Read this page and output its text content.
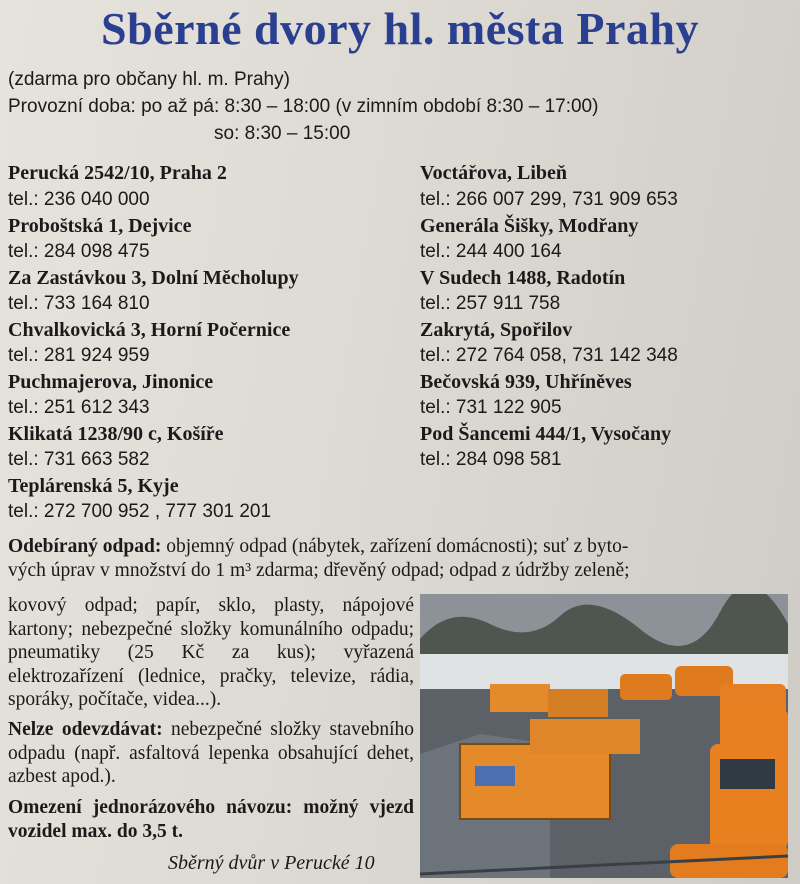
Sběrné dvory hl. města Prahy
(zdarma pro občany hl. m. Prahy)
Provozní doba: po až pá: 8:30 – 18:00 (v zimním období 8:30 – 17:00)
so: 8:30 – 15:00
Perucká 2542/10, Praha 2
tel.: 236 040 000
Proboštská 1, Dejvice
tel.: 284 098 475
Za Zastávkou 3, Dolní Měcholupy
tel.: 733 164 810
Chvalkovická 3, Horní Počernice
tel.: 281 924 959
Puchmajerova, Jinonice
tel.: 251 612 343
Klikatá 1238/90 c, Košíře
tel.: 731 663 582
Teplárenská 5, Kyje
tel.: 272 700 952 , 777 301 201
Voctářova, Libeň
tel.: 266 007 299, 731 909 653
Generála Šišky, Modřany
tel.: 244 400 164
V Sudech 1488, Radotín
tel.: 257 911 758
Zakrytá, Spořilov
tel.: 272 764 058, 731 142 348
Bečovská 939, Uhříněves
tel.: 731 122 905
Pod Šancemi 444/1, Vysočany
tel.: 284 098 581
Odebíraný odpad: objemný odpad (nábytek, zařízení domácnosti); suť z byto-
vých úprav v množství do 1 m³ zdarma; dřevěný odpad; odpad z údržby zeleně;
kovový odpad; papír, sklo, plasty, nápojové kartony; nebezpečné složky komunálního odpadu; pneumatiky (25 Kč za kus); vyřazená elektrozařízení (lednice, pračky, televize, rádia, sporáky, počítače, videa...).
Nelze odevzdávat: nebezpečné složky stavebního odpadu (např. asfaltová lepenka obsahující dehet, azbest apod.).
Omezení jednorázového návozu: možný vjezd vozidel max. do 3,5 t.
Sběrný dvůr v Perucké 10
